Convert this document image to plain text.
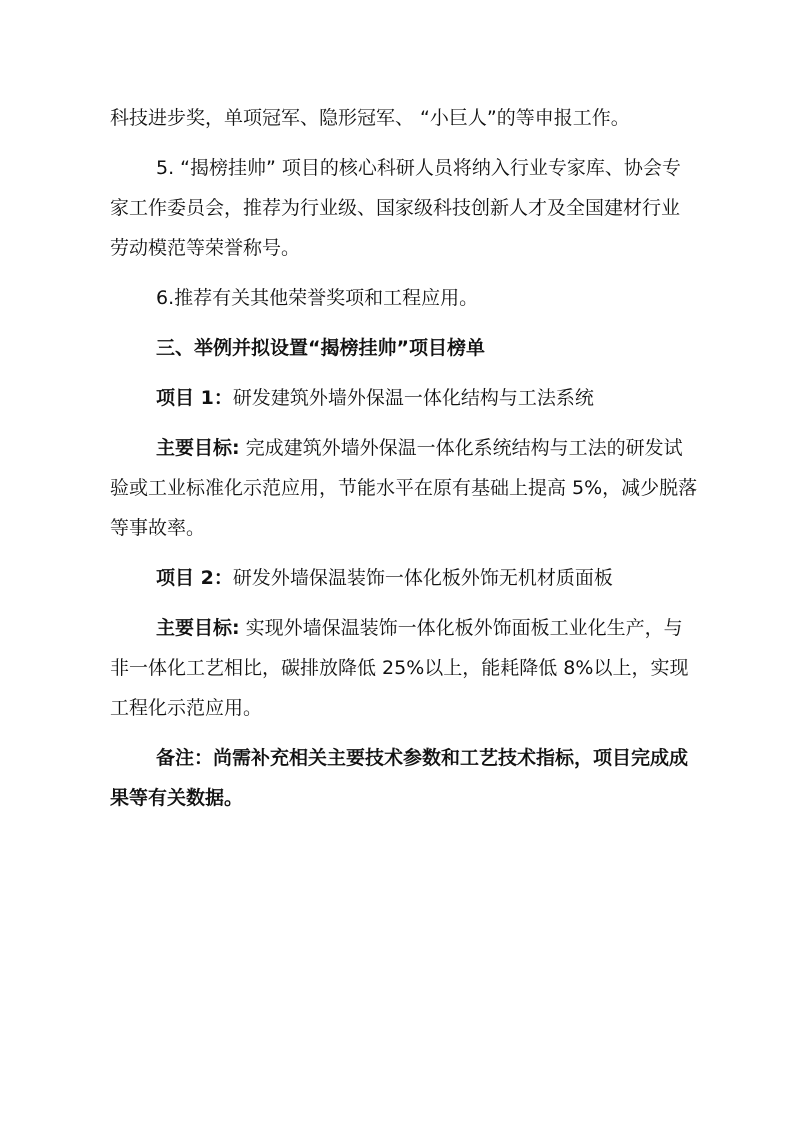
科技进步奖，单项冠军、隐形冠军、 “小巨人”的等申报工作。

5. “揭榜挂帅” 项目的核心科研人员将纳入行业专家库、协会专家工作委员会，推荐为行业级、国家级科技创新人才及全国建材行业劳动模范等荣誉称号。

6.推荐有关其他荣誉奖项和工程应用。

三、举例并拟设置“揭榜挂帅”项目榜单

项目 1：研发建筑外墙外保温一体化结构与工法系统

主要目标: 完成建筑外墙外保温一体化系统结构与工法的研发试验或工业标准化示范应用，节能水平在原有基础上提高 5%，减少脱落等事故率。

项目 2：研发外墙保温装饰一体化板外饰无机材质面板

主要目标: 实现外墙保温装饰一体化板外饰面板工业化生产，与非一体化工艺相比，碳排放降低 25%以上，能耗降低 8%以上，实现工程化示范应用。

备注：尚需补充相关主要技术参数和工艺技术指标，项目完成成果等有关数据。
